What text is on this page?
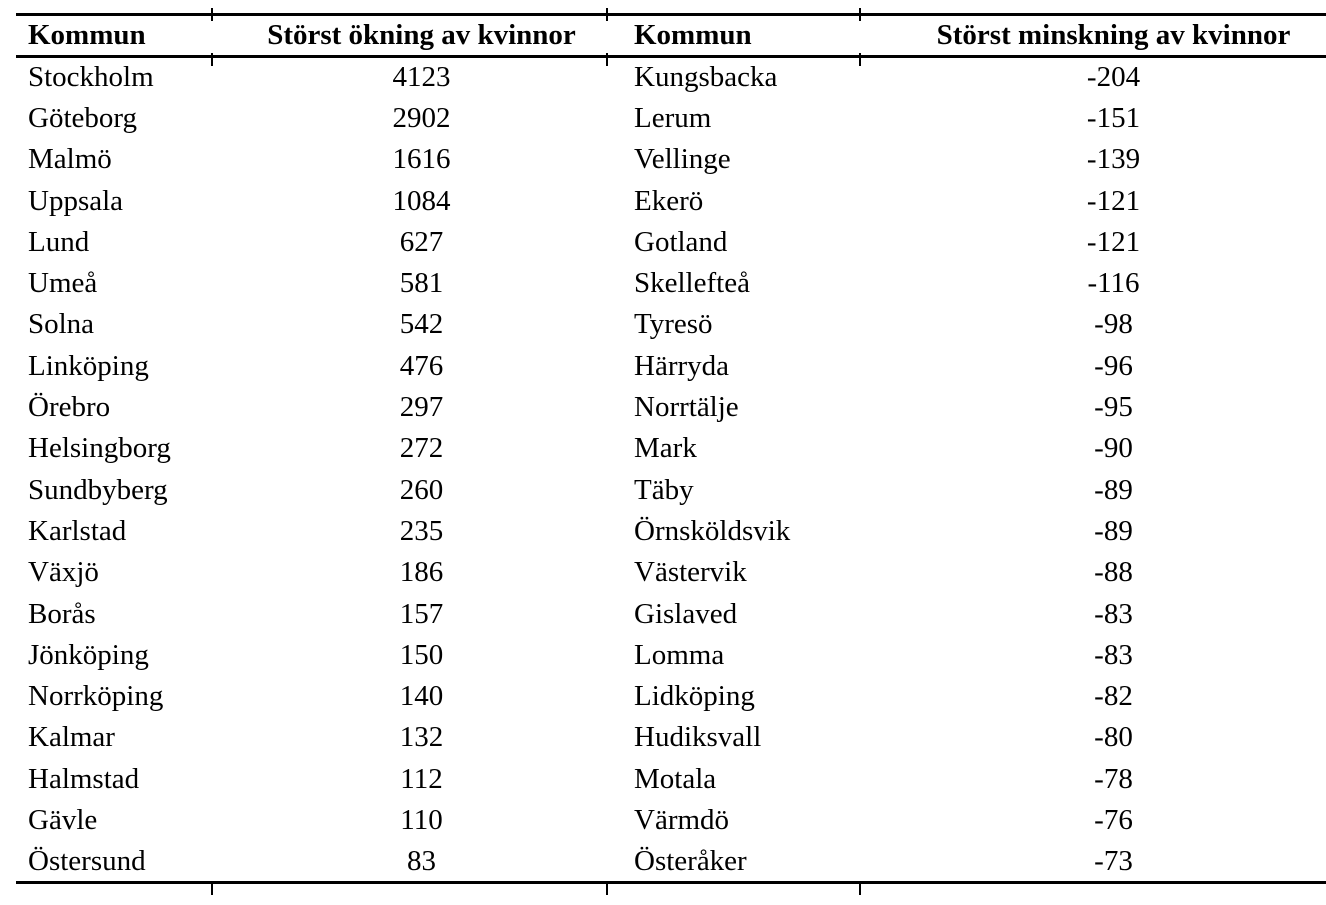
Kommun	Störst ökning av kvinnor	Kommun	Störst minskning av kvinnor
Stockholm	4123	Kungsbacka	-204
Göteborg	2902	Lerum	-151
Malmö	1616	Vellinge	-139
Uppsala	1084	Ekerö	-121
Lund	627	Gotland	-121
Umeå	581	Skellefteå	-116
Solna	542	Tyresö	-98
Linköping	476	Härryda	-96
Örebro	297	Norrtälje	-95
Helsingborg	272	Mark	-90
Sundbyberg	260	Täby	-89
Karlstad	235	Örnsköldsvik	-89
Växjö	186	Västervik	-88
Borås	157	Gislaved	-83
Jönköping	150	Lomma	-83
Norrköping	140	Lidköping	-82
Kalmar	132	Hudiksvall	-80
Halmstad	112	Motala	-78
Gävle	110	Värmdö	-76
Östersund	83	Österåker	-73
